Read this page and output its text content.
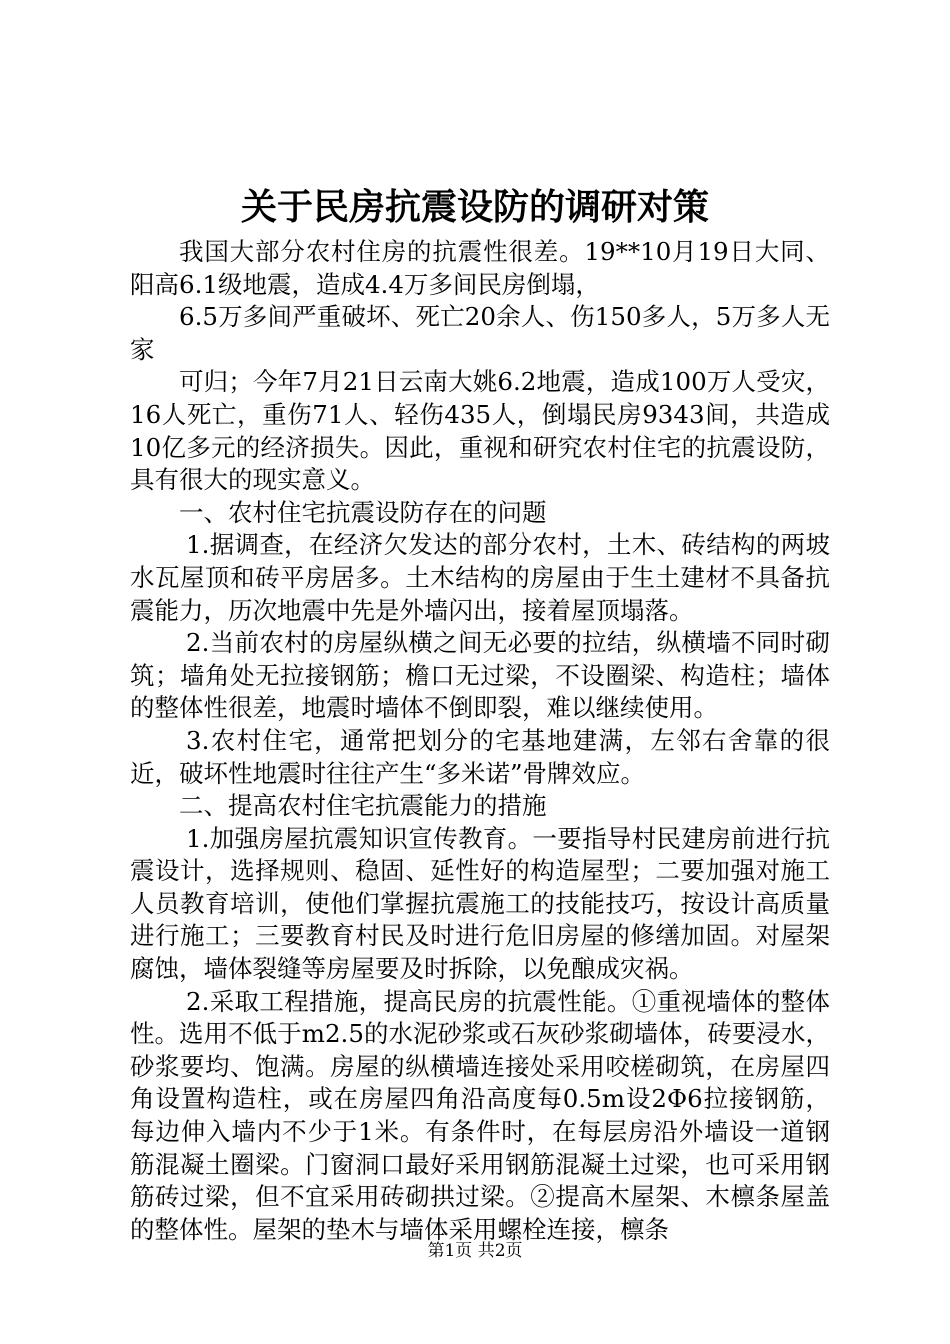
关于民房抗震设防的调研对策

我国大部分农村住房的抗震性很差。19**10月19日大同、阳高6.1级地震，造成4.4万多间民房倒塌，

6.5万多间严重破坏、死亡20余人、伤150多人，5万多人无家

可归；今年7月21日云南大姚6.2地震，造成100万人受灾，16人死亡，重伤71人、轻伤435人，倒塌民房9343间，共造成10亿多元的经济损失。因此，重视和研究农村住宅的抗震设防，具有很大的现实意义。

一、农村住宅抗震设防存在的问题

1.据调查，在经济欠发达的部分农村，土木、砖结构的两坡水瓦屋顶和砖平房居多。土木结构的房屋由于生土建材不具备抗震能力，历次地震中先是外墙闪出，接着屋顶塌落。

2.当前农村的房屋纵横之间无必要的拉结，纵横墙不同时砌筑；墙角处无拉接钢筋；檐口无过梁，不设圈梁、构造柱；墙体的整体性很差，地震时墙体不倒即裂，难以继续使用。

3.农村住宅，通常把划分的宅基地建满，左邻右舍靠的很近，破坏性地震时往往产生“多米诺”骨牌效应。

二、提高农村住宅抗震能力的措施

1.加强房屋抗震知识宣传教育。一要指导村民建房前进行抗震设计，选择规则、稳固、延性好的构造屋型；二要加强对施工人员教育培训，使他们掌握抗震施工的技能技巧，按设计高质量进行施工；三要教育村民及时进行危旧房屋的修缮加固。对屋架腐蚀，墙体裂缝等房屋要及时拆除，以免酿成灾祸。

2.采取工程措施，提高民房的抗震性能。①重视墙体的整体性。选用不低于m2.5的水泥砂浆或石灰砂浆砌墙体，砖要浸水，砂浆要均、饱满。房屋的纵横墙连接处采用咬槎砌筑，在房屋四角设置构造柱，或在房屋四角沿高度每0.5m设2Φ6拉接钢筋，每边伸入墙内不少于1米。有条件时，在每层房沿外墙设一道钢筋混凝土圈梁。门窗洞口最好采用钢筋混凝土过梁，也可采用钢筋砖过梁，但不宜采用砖砌拱过梁。②提高木屋架、木檩条屋盖的整体性。屋架的垫木与墙体采用螺栓连接，檩条

第1页 共2页
